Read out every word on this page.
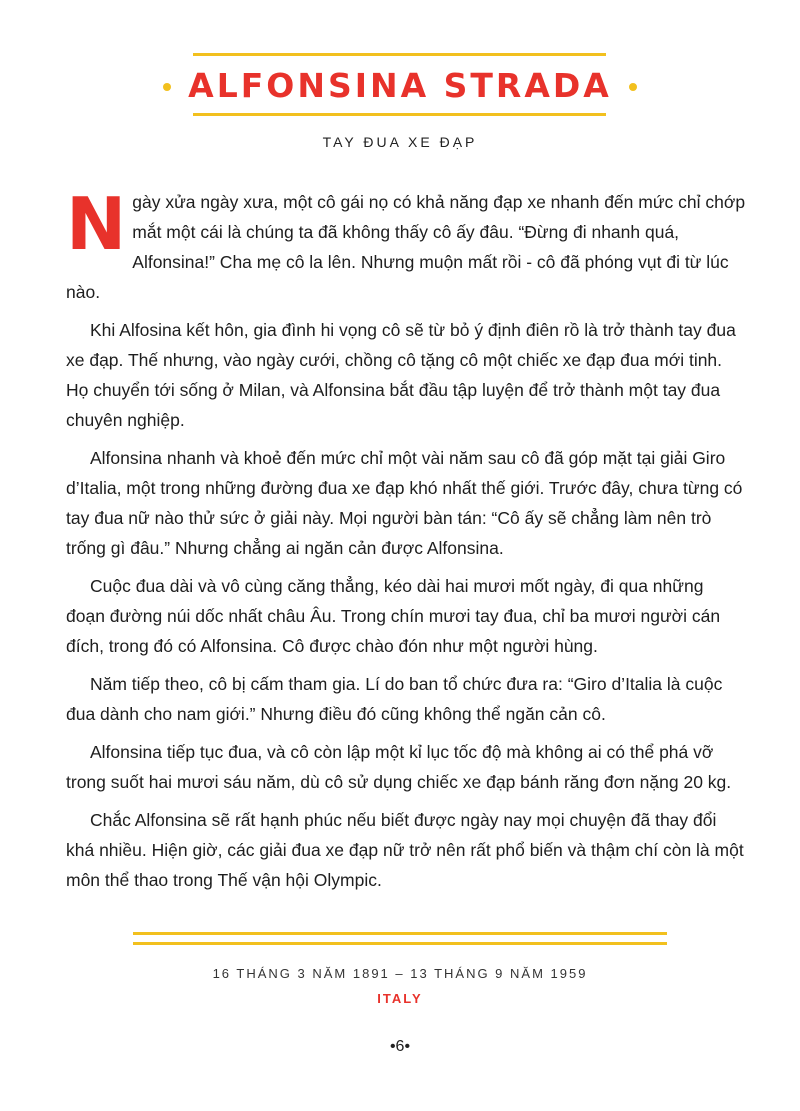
ALFONSINA STRADA
TAY ĐUA XE ĐẠP

Ngày xửa ngày xưa, một cô gái nọ có khả năng đạp xe nhanh đến mức chỉ chớp mắt một cái là chúng ta đã không thấy cô ấy đâu. “Đừng đi nhanh quá, Alfonsina!” Cha mẹ cô la lên. Nhưng muộn mất rồi - cô đã phóng vụt đi từ lúc nào.

Khi Alfosina kết hôn, gia đình hi vọng cô sẽ từ bỏ ý định điên rồ là trở thành tay đua xe đạp. Thế nhưng, vào ngày cưới, chồng cô tặng cô một chiếc xe đạp đua mới tinh. Họ chuyển tới sống ở Milan, và Alfonsina bắt đầu tập luyện để trở thành một tay đua chuyên nghiệp.

Alfonsina nhanh và khoẻ đến mức chỉ một vài năm sau cô đã góp mặt tại giải Giro d’Italia, một trong những đường đua xe đạp khó nhất thế giới. Trước đây, chưa từng có tay đua nữ nào thử sức ở giải này. Mọi người bàn tán: “Cô ấy sẽ chẳng làm nên trò trống gì đâu.” Nhưng chẳng ai ngăn cản được Alfonsina.

Cuộc đua dài và vô cùng căng thẳng, kéo dài hai mươi mốt ngày, đi qua những đoạn đường núi dốc nhất châu Âu. Trong chín mươi tay đua, chỉ ba mươi người cán đích, trong đó có Alfonsina. Cô được chào đón như một người hùng.

Năm tiếp theo, cô bị cấm tham gia. Lí do ban tổ chức đưa ra: “Giro d’Italia là cuộc đua dành cho nam giới.” Nhưng điều đó cũng không thể ngăn cản cô.

Alfonsina tiếp tục đua, và cô còn lập một kỉ lục tốc độ mà không ai có thể phá vỡ trong suốt hai mươi sáu năm, dù cô sử dụng chiếc xe đạp bánh răng đơn nặng 20 kg.

Chắc Alfonsina sẽ rất hạnh phúc nếu biết được ngày nay mọi chuyện đã thay đổi khá nhiều. Hiện giờ, các giải đua xe đạp nữ trở nên rất phổ biến và thậm chí còn là một môn thể thao trong Thế vận hội Olympic.

16 THÁNG 3 NĂM 1891 – 13 THÁNG 9 NĂM 1959
ITALY
•6•
